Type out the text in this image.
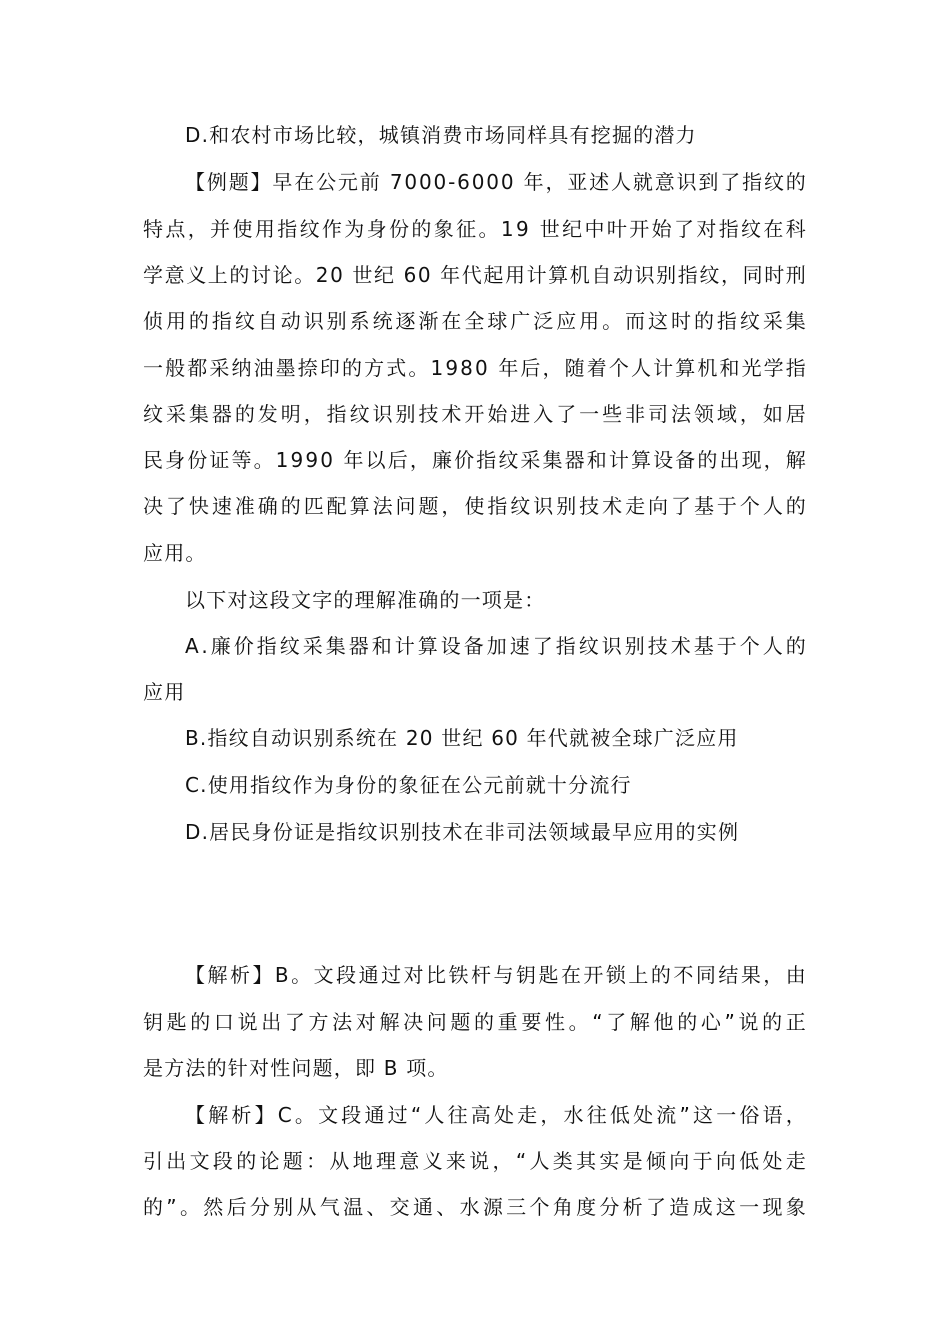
D.和农村市场比较，城镇消费市场同样具有挖掘的潜力
【例题】早在公元前 7000-6000 年，亚述人就意识到了指纹的
特点，并使用指纹作为身份的象征。19 世纪中叶开始了对指纹在科
学意义上的讨论。20 世纪 60 年代起用计算机自动识别指纹，同时刑
侦用的指纹自动识别系统逐渐在全球广泛应用。而这时的指纹采集
一般都采纳油墨捺印的方式。1980 年后，随着个人计算机和光学指
纹采集器的发明，指纹识别技术开始进入了一些非司法领域，如居
民身份证等。1990 年以后，廉价指纹采集器和计算设备的出现，解
决了快速准确的匹配算法问题，使指纹识别技术走向了基于个人的
应用。
以下对这段文字的理解准确的一项是：
A.廉价指纹采集器和计算设备加速了指纹识别技术基于个人的
应用
B.指纹自动识别系统在 20 世纪 60 年代就被全球广泛应用
C.使用指纹作为身份的象征在公元前就十分流行
D.居民身份证是指纹识别技术在非司法领域最早应用的实例
【解析】B。文段通过对比铁杆与钥匙在开锁上的不同结果，由
钥匙的口说出了方法对解决问题的重要性。“了解他的心”说的正
是方法的针对性问题，即 B 项。
【解析】C。文段通过“人往高处走，水往低处流”这一俗语，
引出文段的论题：从地理意义来说，“人类其实是倾向于向低处走
的”。然后分别从气温、交通、水源三个角度分析了造成这一现象
